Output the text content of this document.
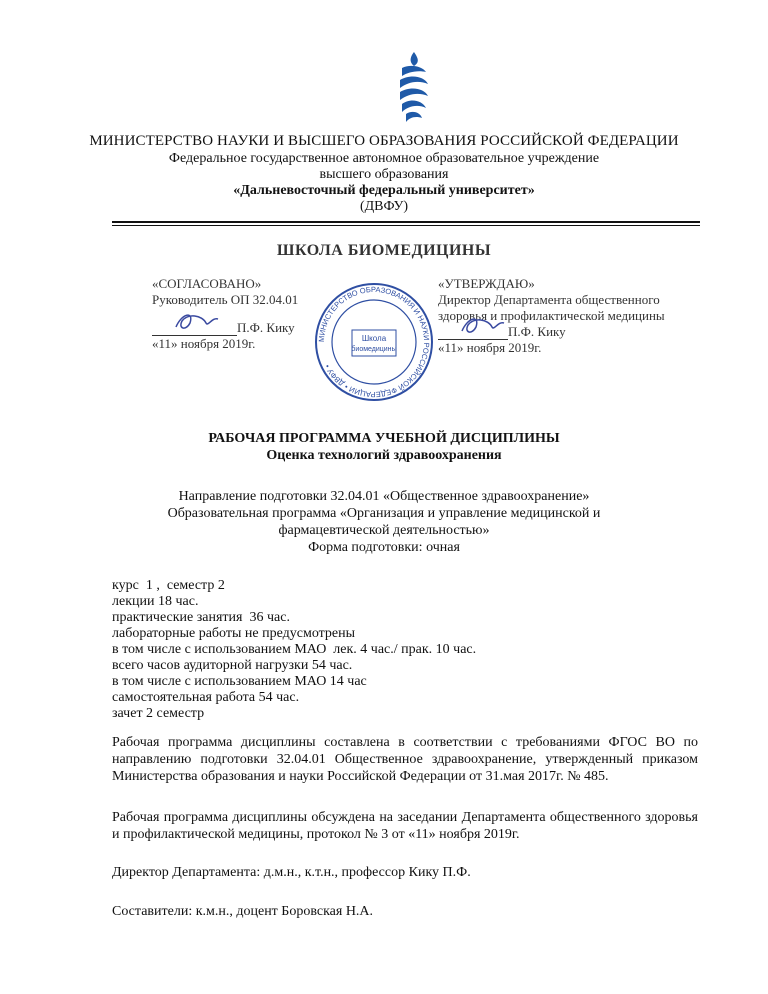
МИНИСТЕРСТВО НАУКИ И ВЫСШЕГО ОБРАЗОВАНИЯ РОССИЙСКОЙ ФЕДЕРАЦИИ
Федеральное государственное автономное образовательное учреждение
высшего образования
«Дальневосточный федеральный университет»
(ДВФУ)
ШКОЛА БИОМЕДИЦИНЫ
«СОГЛАСОВАНО»
Руководитель ОП 32.04.01
П.Ф. Кику
«11» ноября 2019г.	МИНИСТЕРСТВО ОБРАЗОВАНИЯ И НАУКИ РОССИЙСКОЙ ФЕДЕРАЦИИ • ДВФУ •
Школа
биомедицины
«УТВЕРЖДАЮ»
Директор Департамента общественного
здоровья и профилактической медицины
П.Ф. Кику
«11» ноября 2019г.
РАБОЧАЯ ПРОГРАММА УЧЕБНОЙ ДИСЦИПЛИНЫ
Оценка технологий здравоохранения
Направление подготовки 32.04.01 «Общественное здравоохранение»
Образовательная программа «Организация и управление медицинской и
фармацевтической деятельностью»
Форма подготовки: очная
курс  1 ,  семестр 2
лекции 18 час.
практические занятия  36 час.
лабораторные работы не предусмотрены
в том числе с использованием МАО  лек. 4 час./ прак. 10 час.
всего часов аудиторной нагрузки 54 час.
в том числе с использованием МАО 14 час
самостоятельная работа 54 час.
зачет 2 семестр
Рабочая программа дисциплины составлена в соответствии с требованиями ФГОС ВО по направлению подготовки 32.04.01 Общественное здравоохранение, утвержденный приказом Министерства образования и науки Российской Федерации от 31.мая 2017г. № 485.
Рабочая программа дисциплины обсуждена на заседании Департамента общественного здоровья и профилактической медицины, протокол № 3 от «11» ноября 2019г.
Директор Департамента: д.м.н., к.т.н., профессор Кику П.Ф.
Составители: к.м.н., доцент Боровская Н.А.
